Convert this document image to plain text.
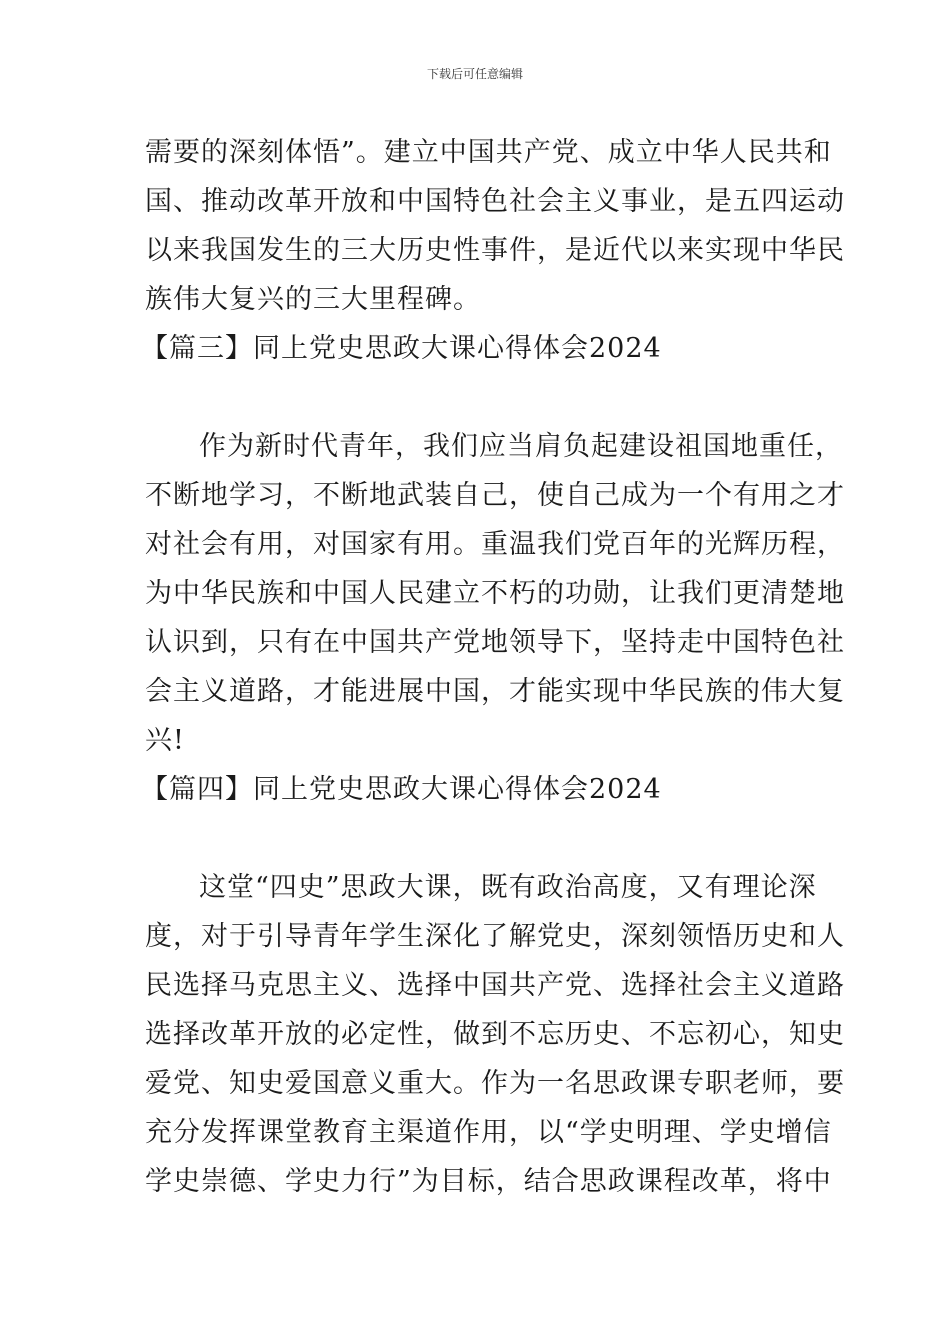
下载后可任意编辑
需要的深刻体悟”。建立中国共产党、成立中华人民共和
国、推动改革开放和中国特色社会主义事业，是五四运动
以来我国发生的三大历史性事件，是近代以来实现中华民
族伟大复兴的三大里程碑。
【篇三】同上党史思政大课心得体会2024
作为新时代青年，我们应当肩负起建设祖国地重任，
不断地学习，不断地武装自己，使自己成为一个有用之才
对社会有用，对国家有用。重温我们党百年的光辉历程，
为中华民族和中国人民建立不朽的功勋，让我们更清楚地
认识到，只有在中国共产党地领导下，坚持走中国特色社
会主义道路，才能进展中国，才能实现中华民族的伟大复
兴!
【篇四】同上党史思政大课心得体会2024
这堂“四史”思政大课，既有政治高度，又有理论深
度，对于引导青年学生深化了解党史，深刻领悟历史和人
民选择马克思主义、选择中国共产党、选择社会主义道路
选择改革开放的必定性，做到不忘历史、不忘初心，知史
爱党、知史爱国意义重大。作为一名思政课专职老师，要
充分发挥课堂教育主渠道作用，以“学史明理、学史增信
学史崇德、学史力行”为目标，结合思政课程改革，将中
